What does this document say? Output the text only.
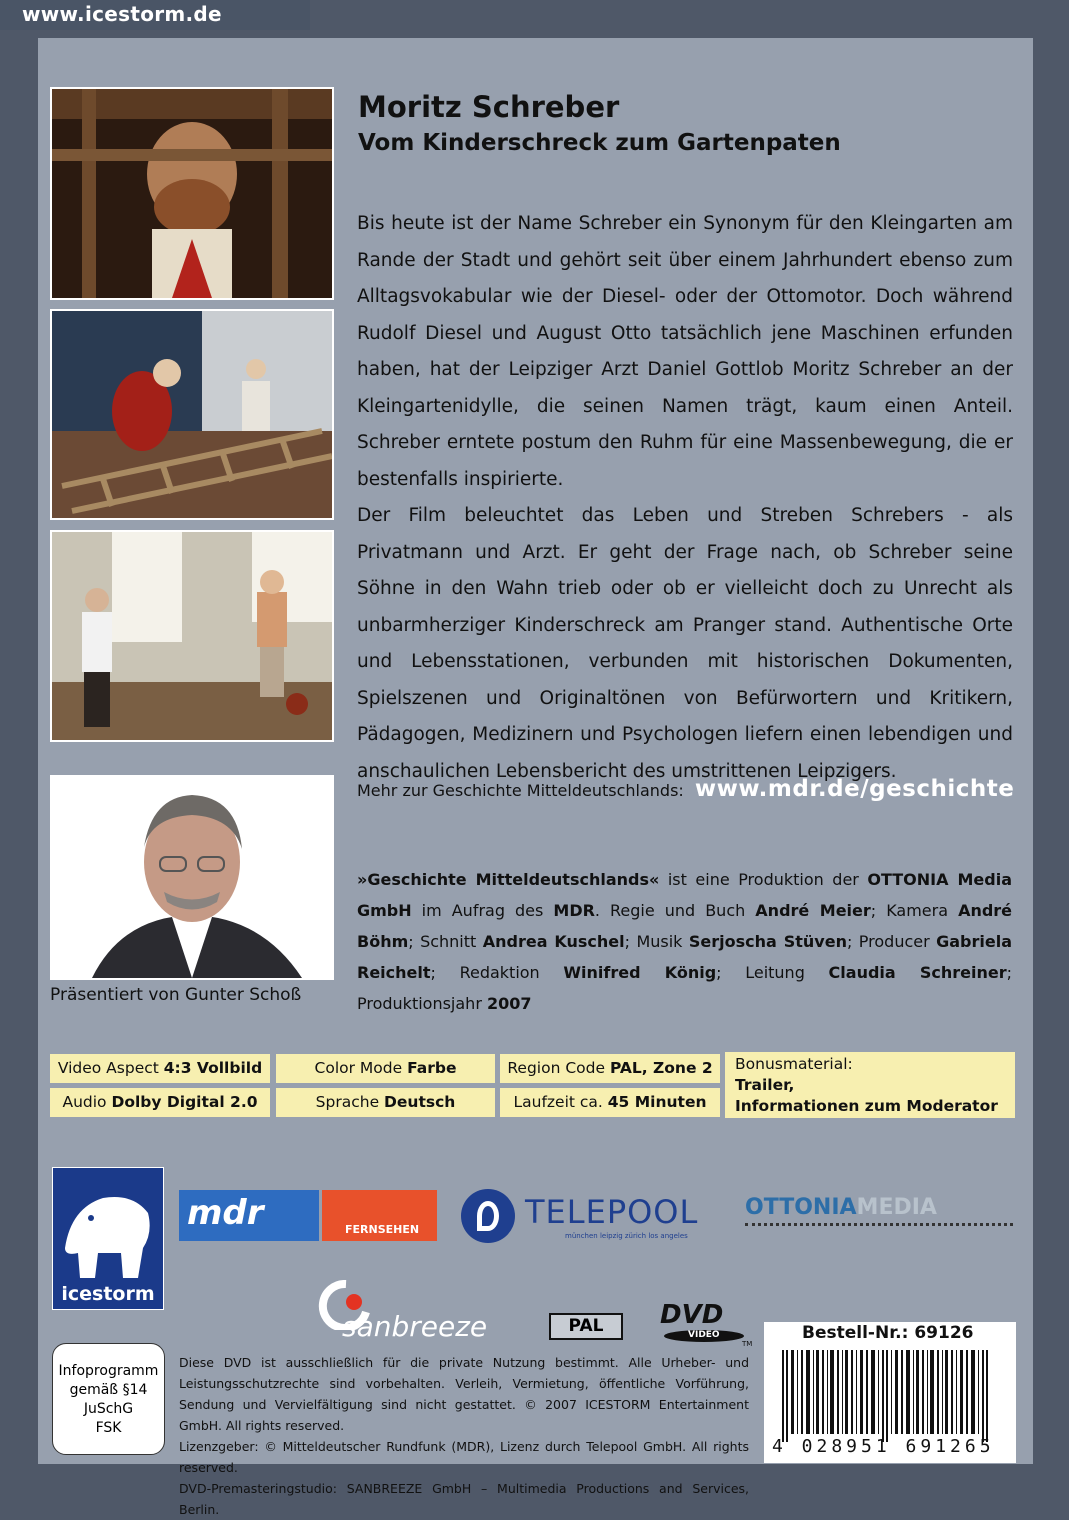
www.icestorm.de
Moritz Schreber
Vom Kinderschreck zum Gartenpaten

Bis heute ist der Name Schreber ein Synonym für den Kleingarten am Rande der Stadt und gehört seit über einem Jahrhundert ebenso zum Alltagsvokabular wie der Diesel- oder der Ottomotor. Doch während Rudolf Diesel und August Otto tatsächlich jene Maschinen erfunden haben, hat der Leipziger Arzt Daniel Gottlob Moritz Schreber an der Kleingartenidylle, die seinen Namen trägt, kaum einen Anteil. Schreber erntete postum den Ruhm für eine Massenbewegung, die er bestenfalls inspirierte.

Der Film beleuchtet das Leben und Streben Schrebers - als Privatmann und Arzt. Er geht der Frage nach, ob Schreber seine Söhne in den Wahn trieb oder ob er vielleicht doch zu Unrecht als unbarmherziger Kinderschreck am Pranger stand. Authentische Orte und Lebensstationen, verbunden mit historischen Dokumenten, Spielszenen und Originaltönen von Befürwortern und Kritikern, Pädagogen, Medizinern und Psychologen liefern einen lebendigen und anschaulichen Lebensbericht des umstrittenen Leipzigers.

Mehr zur Geschichte Mitteldeutschlands: www.mdr.de/geschichte
Präsentiert von Gunter Schoß
»Geschichte Mitteldeutschlands« ist eine Produktion der OTTONIA Media GmbH im Aufrag des MDR. Regie und Buch André Meier; Kamera André Böhm; Schnitt Andrea Kuschel; Musik Serjoscha Stüven; Producer Gabriela Reichelt; Redaktion Winifred König; Leitung Claudia Schreiner; Produktionsjahr 2007
Video Aspect 4:3 Vollbild	Color Mode Farbe	Region Code PAL, Zone 2
Audio Dolby Digital 2.0	Sprache Deutsch	Laufzeit ca. 45 Minuten
Bonusmaterial:
Trailer,
Informationen zum Moderator
icestorm
mdr	FERNSEHEN	TELEPOOL
münchen leipzig zürich los angeles
OTTONIAMEDIA
sanbreeze	PAL	DVD
VIDEO
TM
Infoprogramm
gemäß §14
JuSchG
FSK

Diese DVD ist ausschließlich für die private Nutzung bestimmt. Alle Urheber- und Leistungsschutzrechte sind vorbehalten. Verleih, Vermietung, öffentliche Vorführung, Sendung und Vervielfältigung sind nicht gestattet. © 2007 ICESTORM Entertainment GmbH. All rights reserved.

Lizenzgeber: © Mitteldeutscher Rundfunk (MDR), Lizenz durch Telepool GmbH. All rights reserved.

DVD-Premasteringstudio: SANBREEZE GmbH – Multimedia Productions and Services, Berlin.

Bestell-Nr.: 69126
4 028951 691265
